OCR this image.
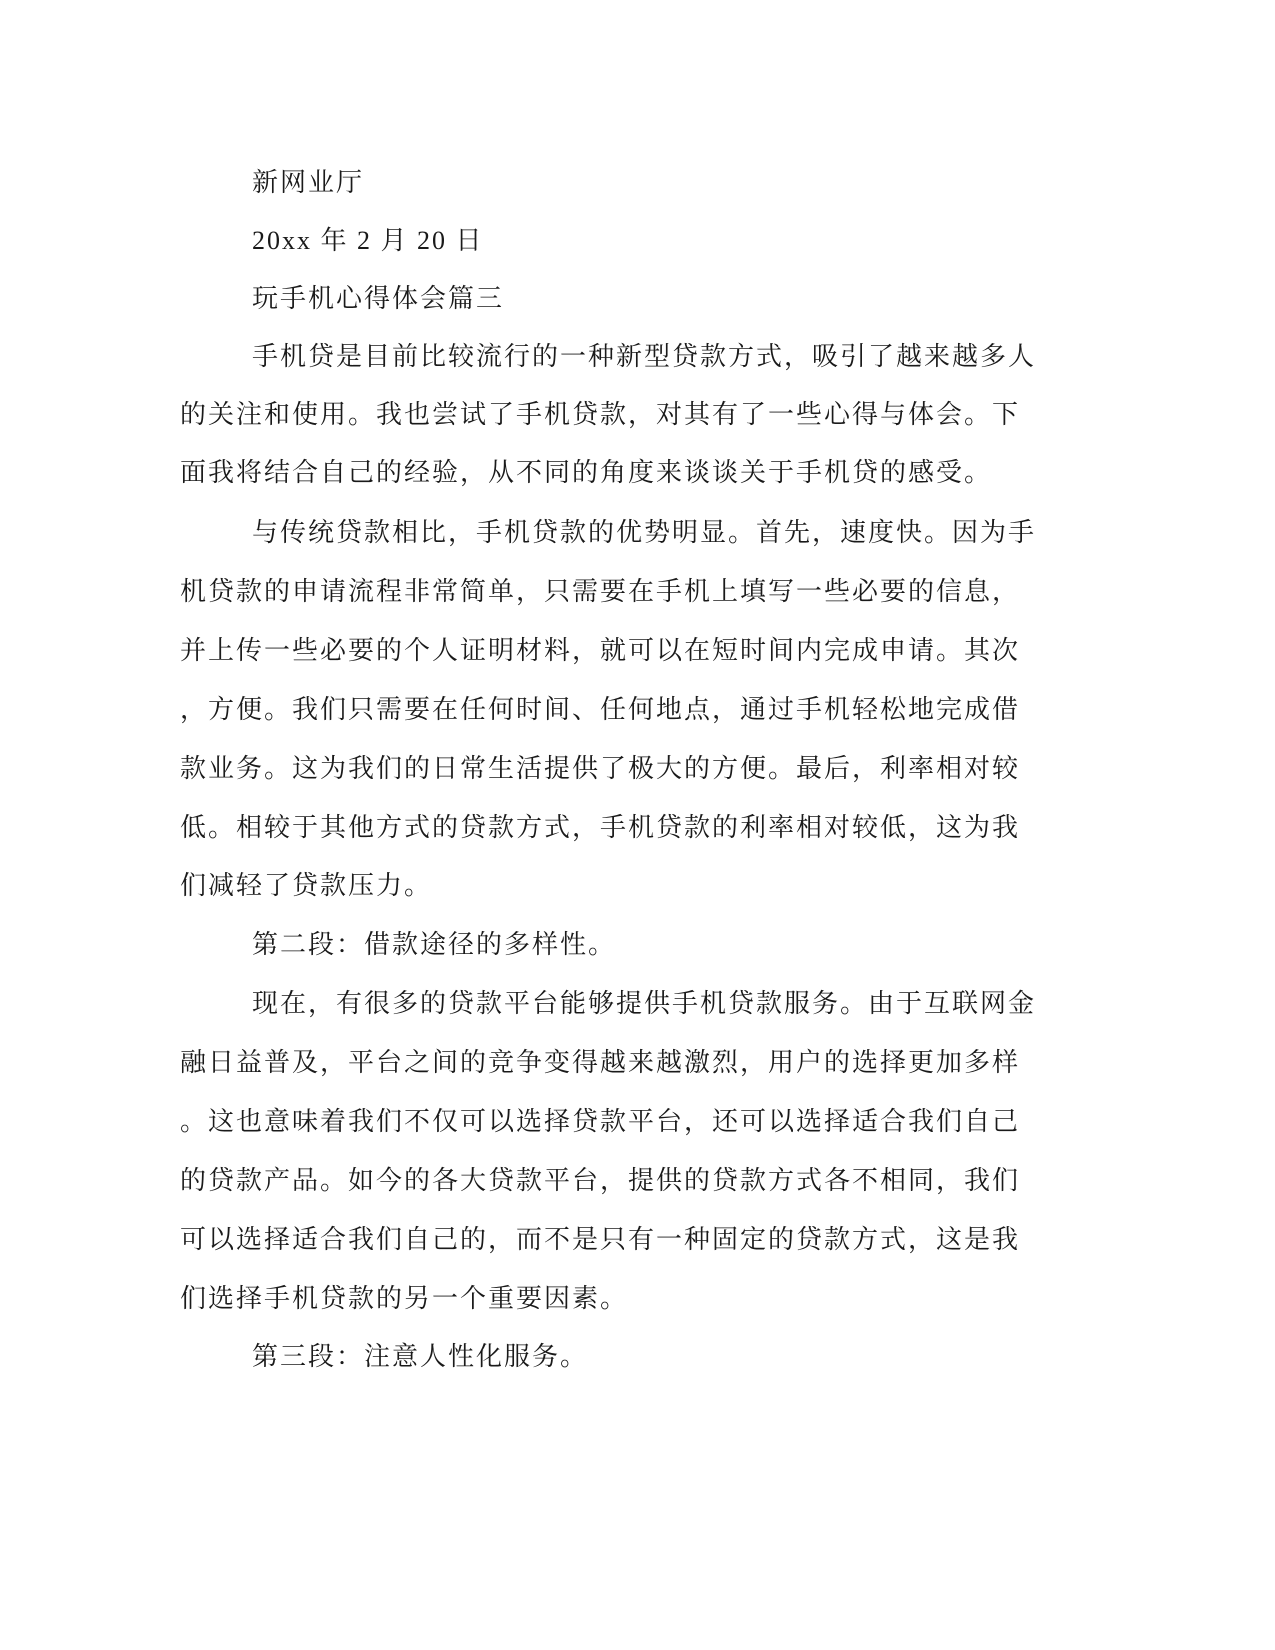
新网业厅

20xx 年 2 月 20 日

玩手机心得体会篇三

手机贷是目前比较流行的一种新型贷款方式，吸引了越来越多人

的关注和使用。我也尝试了手机贷款，对其有了一些心得与体会。下

面我将结合自己的经验，从不同的角度来谈谈关于手机贷的感受。

与传统贷款相比，手机贷款的优势明显。首先，速度快。因为手

机贷款的申请流程非常简单，只需要在手机上填写一些必要的信息，

并上传一些必要的个人证明材料，就可以在短时间内完成申请。其次

，方便。我们只需要在任何时间、任何地点，通过手机轻松地完成借

款业务。这为我们的日常生活提供了极大的方便。最后，利率相对较

低。相较于其他方式的贷款方式，手机贷款的利率相对较低，这为我

们减轻了贷款压力。

第二段：借款途径的多样性。

现在，有很多的贷款平台能够提供手机贷款服务。由于互联网金

融日益普及，平台之间的竞争变得越来越激烈，用户的选择更加多样

。这也意味着我们不仅可以选择贷款平台，还可以选择适合我们自己

的贷款产品。如今的各大贷款平台，提供的贷款方式各不相同，我们

可以选择适合我们自己的，而不是只有一种固定的贷款方式，这是我

们选择手机贷款的另一个重要因素。

第三段：注意人性化服务。
